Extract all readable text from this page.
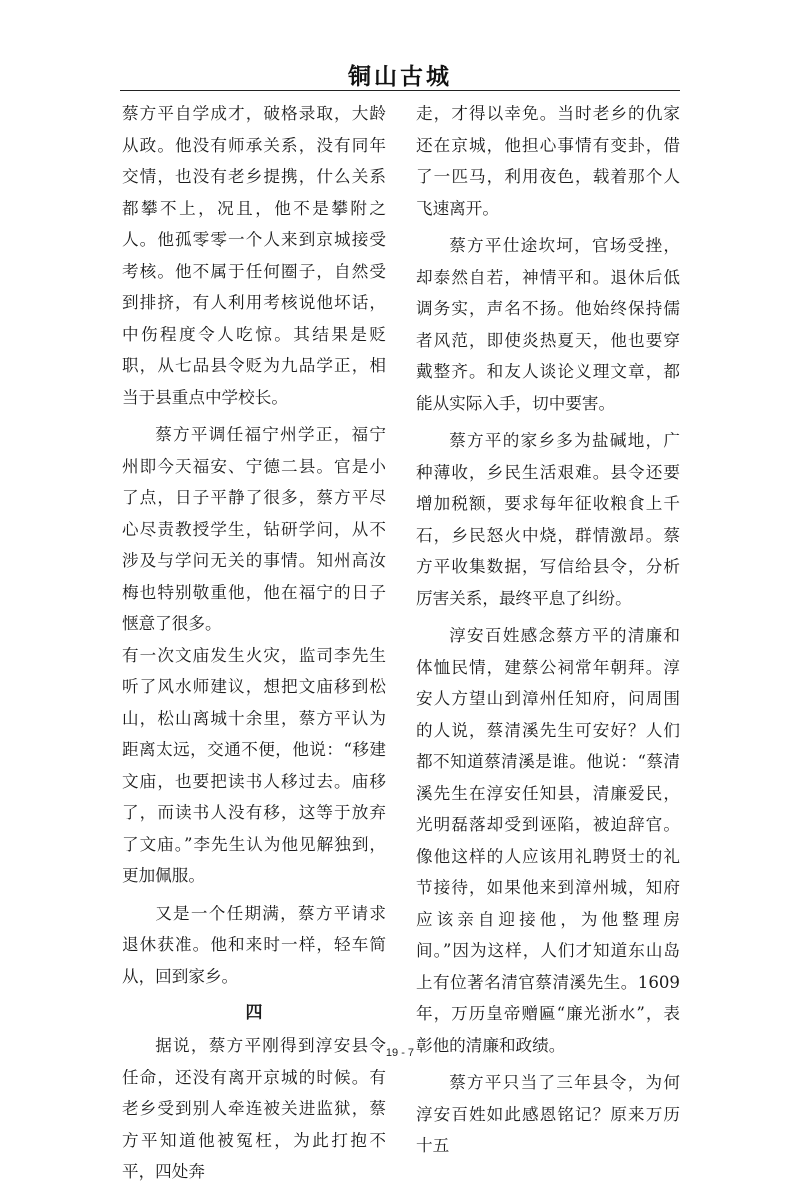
铜山古城

蔡方平自学成才，破格录取，大龄从政。他没有师承关系，没有同年交情，也没有老乡提携，什么关系都攀不上，况且，他不是攀附之人。他孤零零一个人来到京城接受考核。他不属于任何圈子，自然受到排挤，有人利用考核说他坏话，中伤程度令人吃惊。其结果是贬职，从七品县令贬为九品学正，相当于县重点中学校长。

蔡方平调任福宁州学正，福宁州即今天福安、宁德二县。官是小了点，日子平静了很多，蔡方平尽心尽责教授学生，钻研学问，从不涉及与学问无关的事情。知州高汝梅也特别敬重他，他在福宁的日子惬意了很多。

有一次文庙发生火灾，监司李先生听了风水师建议，想把文庙移到松山，松山离城十余里，蔡方平认为距离太远，交通不便，他说：“移建文庙，也要把读书人移过去。庙移了，而读书人没有移，这等于放弃了文庙。”李先生认为他见解独到，更加佩服。

又是一个任期满，蔡方平请求退休获准。他和来时一样，轻车简从，回到家乡。

四

据说，蔡方平刚得到淳安县令任命，还没有离开京城的时候。有老乡受到别人牵连被关进监狱，蔡方平知道他被冤枉，为此打抱不平，四处奔

走，才得以幸免。当时老乡的仇家还在京城，他担心事情有变卦，借了一匹马，利用夜色，载着那个人飞速离开。

蔡方平仕途坎坷，官场受挫，却泰然自若，神情平和。退休后低调务实，声名不扬。他始终保持儒者风范，即使炎热夏天，他也要穿戴整齐。和友人谈论义理文章，都能从实际入手，切中要害。

蔡方平的家乡多为盐碱地，广种薄收，乡民生活艰难。县令还要增加税额，要求每年征收粮食上千石，乡民怒火中烧，群情激昂。蔡方平收集数据，写信给县令，分析厉害关系，最终平息了纠纷。

淳安百姓感念蔡方平的清廉和体恤民情，建蔡公祠常年朝拜。淳安人方望山到漳州任知府，问周围的人说，蔡清溪先生可安好？人们都不知道蔡清溪是谁。他说：“蔡清溪先生在淳安任知县，清廉爱民，光明磊落却受到诬陷，被迫辞官。像他这样的人应该用礼聘贤士的礼节接待，如果他来到漳州城，知府应该亲自迎接他，为他整理房间。”因为这样，人们才知道东山岛上有位著名清官蔡清溪先生。1609年，万历皇帝赠匾“廉光浙水”，表彰他的清廉和政绩。

蔡方平只当了三年县令，为何淳安百姓如此感恩铭记？原来万历十五

19 - 7
